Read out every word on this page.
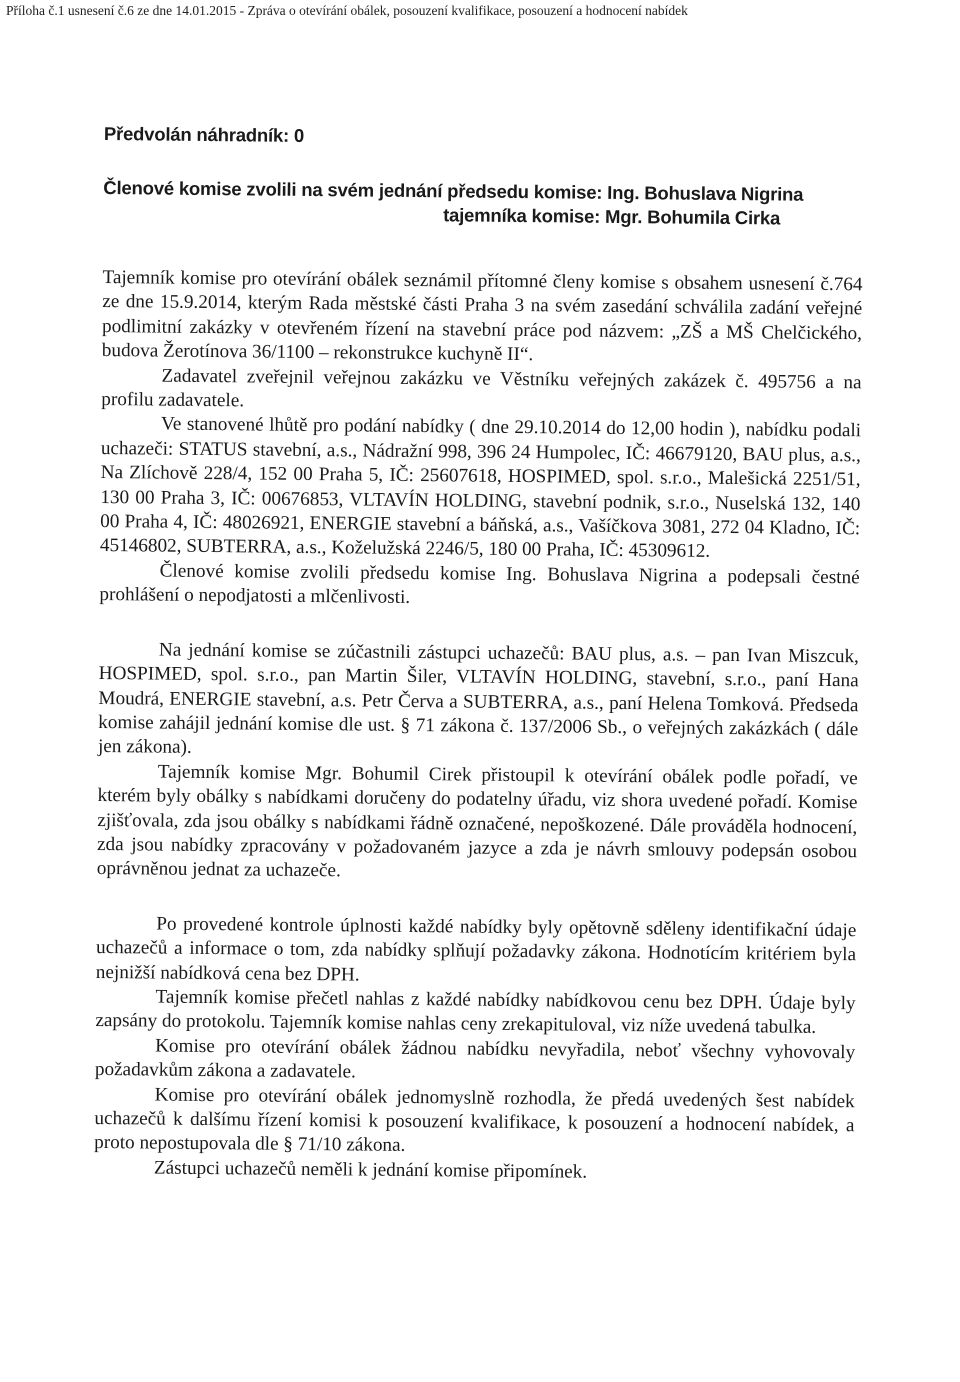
Příloha č.1 usnesení č.6 ze dne 14.01.2015 - Zpráva o otevírání obálek, posouzení kvalifikace, posouzení a hodnocení nabídek
Předvolán náhradník: 0
Členové komise zvolili na svém jednání předsedu komise: Ing. Bohuslava Nigrina
tajemníka komise: Mgr. Bohumila Cirka

Tajemník komise pro otevírání obálek seznámil přítomné členy komise s obsahem usnesení č.764 ze dne 15.9.2014, kterým Rada městské části Praha 3 na svém zasedání schválila zadání veřejné podlimitní zakázky v otevřeném řízení na stavební práce pod názvem: „ZŠ a MŠ Chelčického, budova Žerotínova 36/1100 – rekonstrukce kuchyně II“.

Zadavatel zveřejnil veřejnou zakázku ve Věstníku veřejných zakázek č. 495756 a na profilu zadavatele.

Ve stanovené lhůtě pro podání nabídky ( dne 29.10.2014 do 12,00 hodin ), nabídku podali uchazeči: STATUS stavební, a.s., Nádražní 998, 396 24 Humpolec, IČ: 46679120, BAU plus, a.s., Na Zlíchově 228/4, 152 00 Praha 5, IČ: 25607618, HOSPIMED, spol. s.r.o., Malešická 2251/51, 130 00 Praha 3, IČ: 00676853, VLTAVÍN HOLDING, stavební podnik, s.r.o., Nuselská 132, 140 00 Praha 4, IČ: 48026921, ENERGIE stavební a báňská, a.s., Vašíčkova 3081, 272 04 Kladno, IČ: 45146802, SUBTERRA, a.s., Koželužská 2246/5, 180 00 Praha, IČ: 45309612.

Členové komise zvolili předsedu komise Ing. Bohuslava Nigrina a podepsali čestné prohlášení o nepodjatosti a mlčenlivosti.

Na jednání komise se zúčastnili zástupci uchazečů: BAU plus, a.s. – pan Ivan Miszcuk, HOSPIMED, spol. s.r.o., pan Martin Šiler, VLTAVÍN HOLDING, stavební, s.r.o., paní Hana Moudrá, ENERGIE stavební, a.s. Petr Červa a SUBTERRA, a.s., paní Helena Tomková. Předseda komise zahájil jednání komise dle ust. § 71 zákona č. 137/2006 Sb., o veřejných zakázkách ( dále jen zákona).

Tajemník komise Mgr. Bohumil Cirek přistoupil k otevírání obálek podle pořadí, ve kterém byly obálky s nabídkami doručeny do podatelny úřadu, viz shora uvedené pořadí. Komise zjišťovala, zda jsou obálky s nabídkami řádně označené, nepoškozené. Dále prováděla hodnocení, zda jsou nabídky zpracovány v požadovaném jazyce a zda je návrh smlouvy podepsán osobou oprávněnou jednat za uchazeče.

Po provedené kontrole úplnosti každé nabídky byly opětovně sděleny identifikační údaje uchazečů a informace o tom, zda nabídky splňují požadavky zákona. Hodnotícím kritériem byla nejnižší nabídková cena bez DPH.

Tajemník komise přečetl nahlas z každé nabídky nabídkovou cenu bez DPH. Údaje byly zapsány do protokolu. Tajemník komise nahlas ceny zrekapituloval, viz níže uvedená tabulka.

Komise pro otevírání obálek žádnou nabídku nevyřadila, neboť všechny vyhovovaly požadavkům zákona a zadavatele.

Komise pro otevírání obálek jednomyslně rozhodla, že předá uvedených šest nabídek uchazečů k dalšímu řízení komisi k posouzení kvalifikace, k posouzení a hodnocení nabídek, a proto nepostupovala dle § 71/10 zákona.

Zástupci uchazečů neměli k jednání komise připomínek.
